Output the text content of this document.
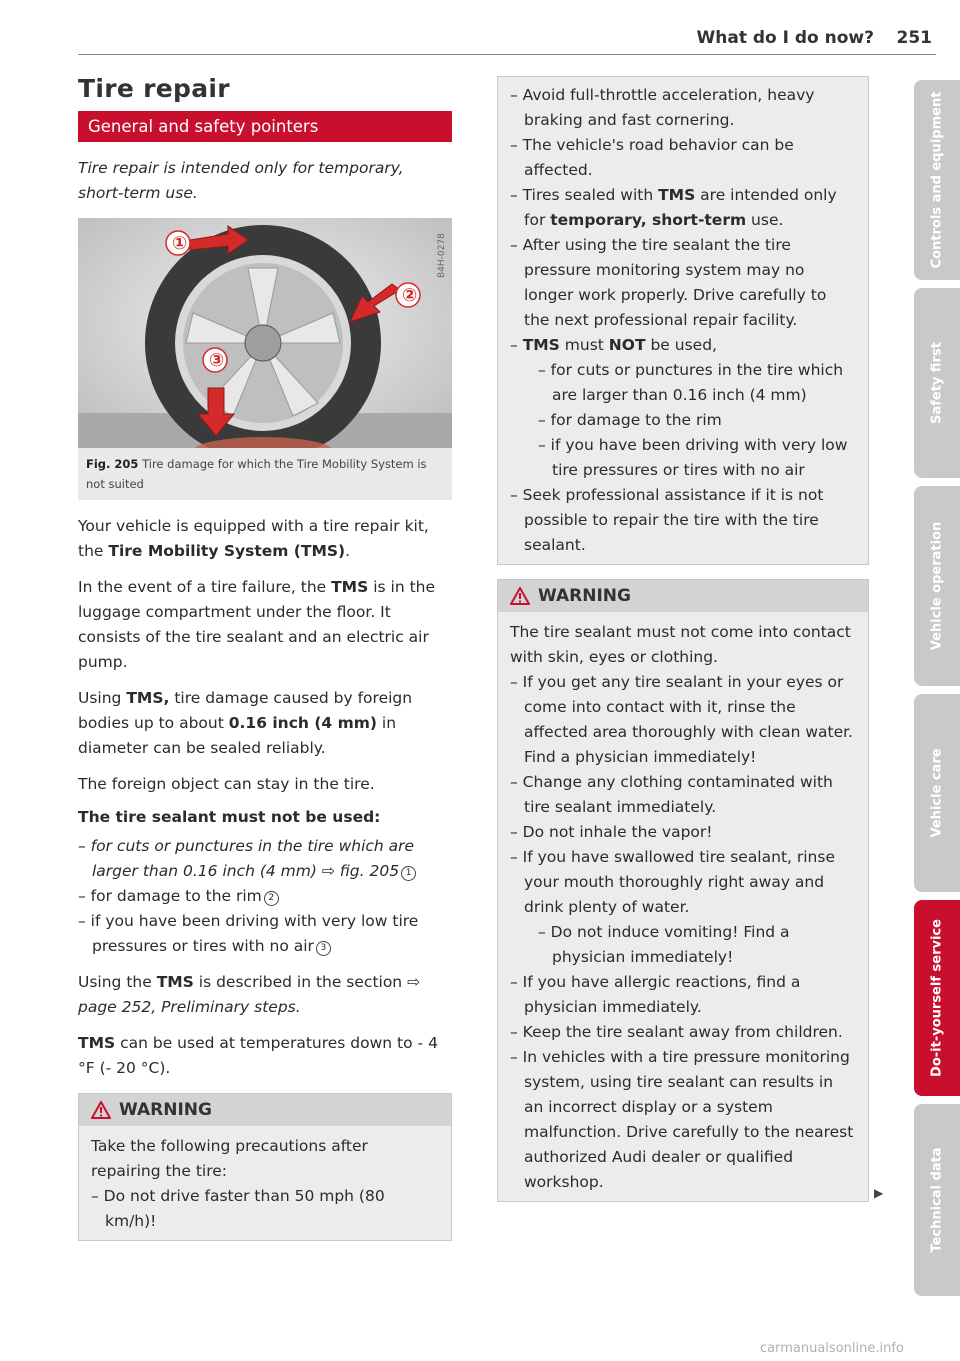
What do I do now? 251
Tire repair
General and safety pointers

Tire repair is intended only for temporary, short-term use.

①
②
③
B4H-0278
Fig. 205 Tire damage for which the Tire Mobility System is not suited

Your vehicle is equipped with a tire repair kit, the Tire Mobility System (TMS).

In the event of a tire failure, the TMS is in the luggage compartment under the floor. It consists of the tire sealant and an electric air pump.

Using TMS, tire damage caused by foreign bodies up to about 0.16 inch (4 mm) in diameter can be sealed reliably.

The foreign object can stay in the tire.

The tire sealant must not be used:
– for cuts or punctures in the tire which are larger than 0.16 inch (4 mm) ⇨ fig. 205 1
– for damage to the rim 2
– if you have been driving with very low tire pressures or tires with no air 3

Using the TMS is described in the section ⇨ page 252, Preliminary steps.

TMS can be used at temperatures down to - 4 °F (- 20 °C).

WARNING

Take the following precautions after repairing the tire:

– Do not drive faster than 50 mph (80 km/h)!
– Avoid full-throttle acceleration, heavy braking and fast cornering.
– The vehicle's road behavior can be affected.
– Tires sealed with TMS are intended only for temporary, short-term use.
– After using the tire sealant the tire pressure monitoring system may no longer work properly. Drive carefully to the next professional repair facility.
– TMS must NOT be used,
– for cuts or punctures in the tire which are larger than 0.16 inch (4 mm)
– for damage to the rim
– if you have been driving with very low tire pressures or tires with no air
– Seek professional assistance if it is not possible to repair the tire with the tire sealant.
WARNING

The tire sealant must not come into contact with skin, eyes or clothing.

– If you get any tire sealant in your eyes or come into contact with it, rinse the affected area thoroughly with clean water. Find a physician immediately!
– Change any clothing contaminated with tire sealant immediately.
– Do not inhale the vapor!
– If you have swallowed tire sealant, rinse your mouth thoroughly right away and drink plenty of water.
– Do not induce vomiting! Find a physician immediately!
– If you have allergic reactions, find a physician immediately.
– Keep the tire sealant away from children.
– In vehicles with a tire pressure monitoring system, using tire sealant can results in an incorrect display or a system malfunction. Drive carefully to the nearest authorized Audi dealer or qualified workshop.
▶
Controls and equipment
Safety first
Vehicle operation
Vehicle care
Do-it-yourself service
Technical data
carmanualsonline.info
